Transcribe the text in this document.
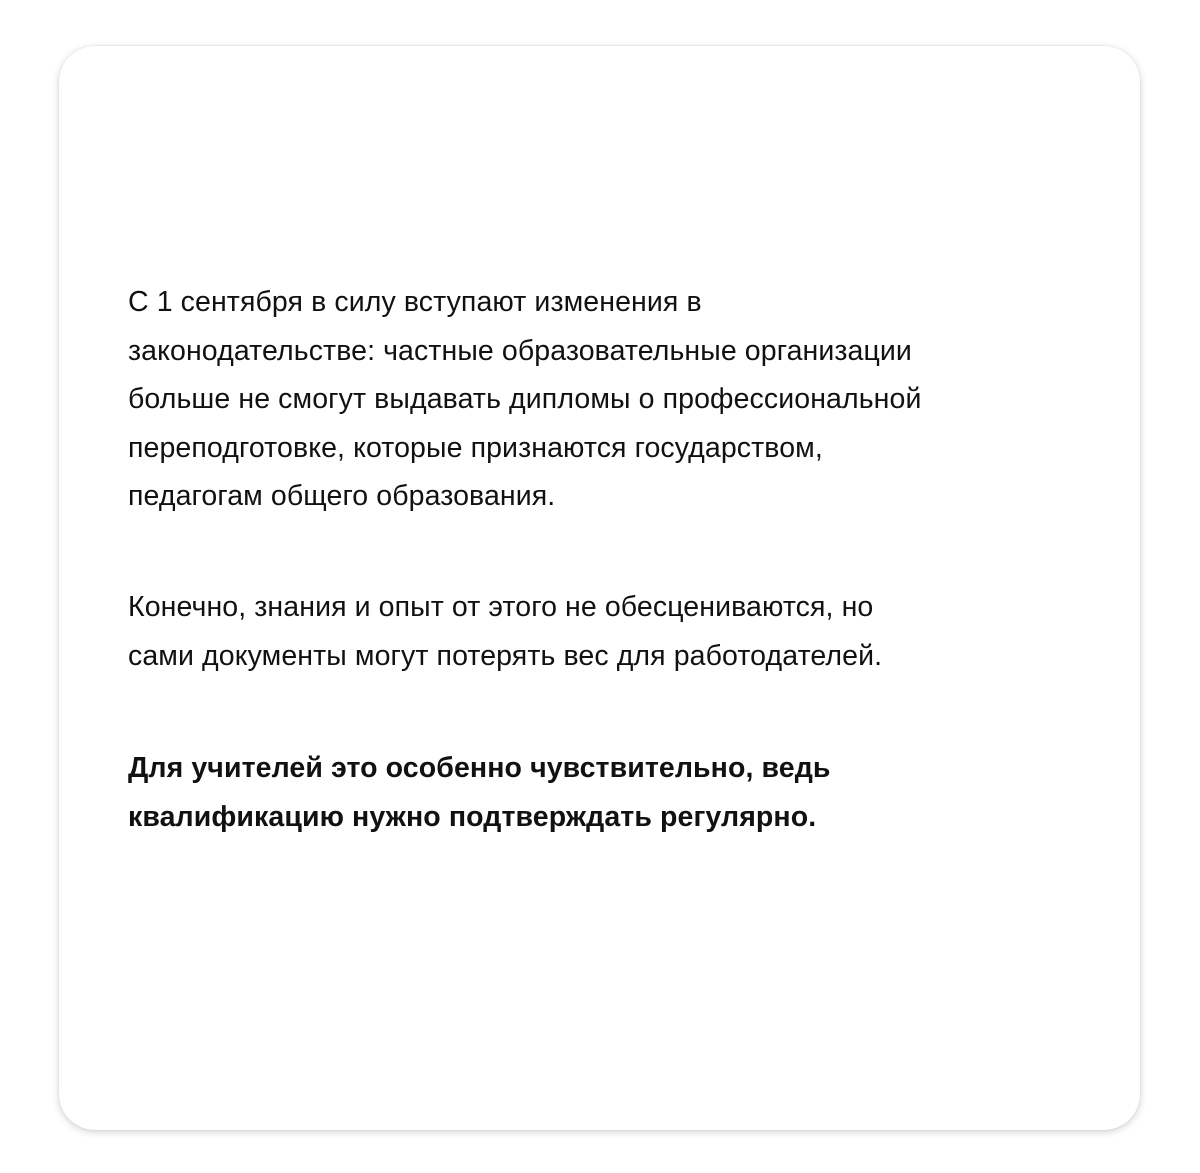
С 1 сентября в силу вступают изменения в
законодательстве: частные образовательные организации
больше не смогут выдавать дипломы о профессиональной
переподготовке, которые признаются государством,
педагогам общего образования.
Конечно, знания и опыт от этого не обесцениваются, но
сами документы могут потерять вес для работодателей.
Для учителей это особенно чувствительно, ведь
квалификацию нужно подтверждать регулярно.
